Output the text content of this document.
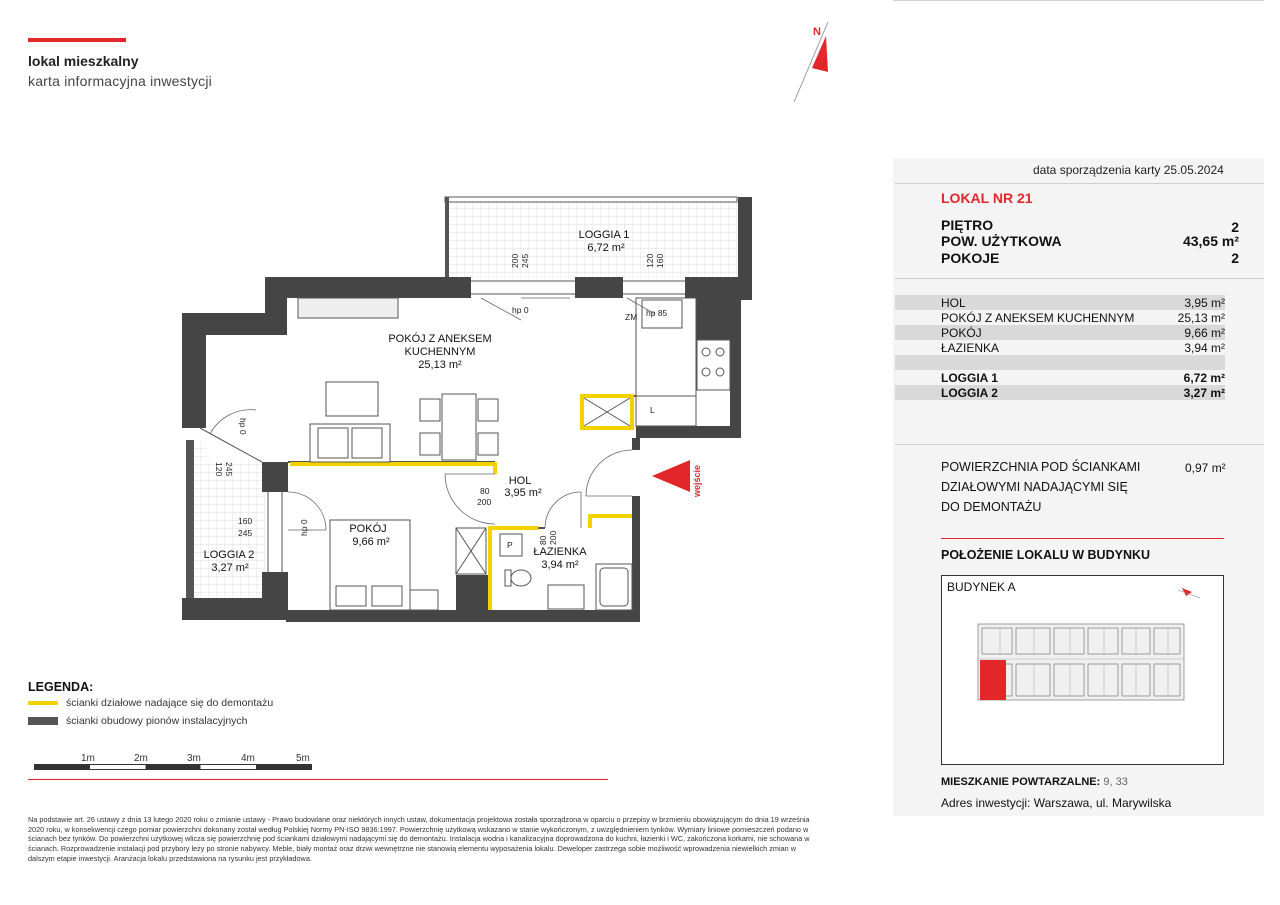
lokal mieszkalny
karta informacyjna inwestycji
N
wejście
LOGGIA 1
6,72 m²
POKÓJ Z ANEKSEM
KUCHENNYM
25,13 m²
HOL
3,95 m²
POKÓJ
9,66 m²
ŁAZIENKA
3,94 m²
LOGGIA 2
3,27 m²
hp 0	hp 85
ZM
L
P
hp 0
hp 0
200 245	120 160
120 245
160
245
80
200
80 200
LEGENDA:
ścianki działowe nadające się do demontażu
ścianki obudowy pionów instalacyjnych
1m	2m	3m	4m	5m
Na podstawie art. 26 ustawy z dnia 13 lutego 2020 roku o zmianie ustawy - Prawo budowlane oraz niektórych innych ustaw, dokumentacja projektowa została sporządzona w oparciu o przepisy w brzmieniu obowiązującym do dnia 19 września 2020 roku, w konsekwencji czego pomiar powierzchni dokonany został według Polskiej Normy PN-ISO 9836:1997. Powierzchnię użytkową wskazano w stanie wykończonym, z uwzględnieniem tynków. Wymiary liniowe pomieszczeń podano w ścianach bez tynków. Do powierzchni użytkowej wlicza się powierzchnię pod ściankami działowymi nadającymi się do demontażu. Instalacja wodna i kanalizacyjna doprowadzona do kuchni, łazienki i WC, zakończona korkami, nie schowana w ścianach. Rozprowadzenie instalacji pod przybory leży po stronie nabywcy. Meble, biały montaż oraz drzwi wewnętrzne nie stanowią elementu wyposażenia lokalu. Deweloper zastrzega sobie możliwość wprowadzenia niewielkich zmian w dalszym etapie inwestycji. Aranżacja lokalu przedstawiona na rysunku jest przykładowa.
data sporządzenia karty 25.05.2024
LOKAL NR 21
PIĘTRO	2
POW. UŻYTKOWA	43,65 m²
POKOJE	2
HOL	3,95 m²
POKÓJ Z ANEKSEM KUCHENNYM	25,13 m²
POKÓJ	9,66 m²
ŁAZIENKA	3,94 m²
LOGGIA 1	6,72 m²
LOGGIA 2	3,27 m²
POWIERZCHNIA POD ŚCIANKAMI
DZIAŁOWYMI NADAJĄCYMI SIĘ
DO DEMONTAŻU
0,97 m²
POŁOŻENIE LOKALU W BUDYNKU
BUDYNEK A
MIESZKANIE POWTARZALNE: 9, 33
Adres inwestycji: Warszawa, ul. Marywilska
